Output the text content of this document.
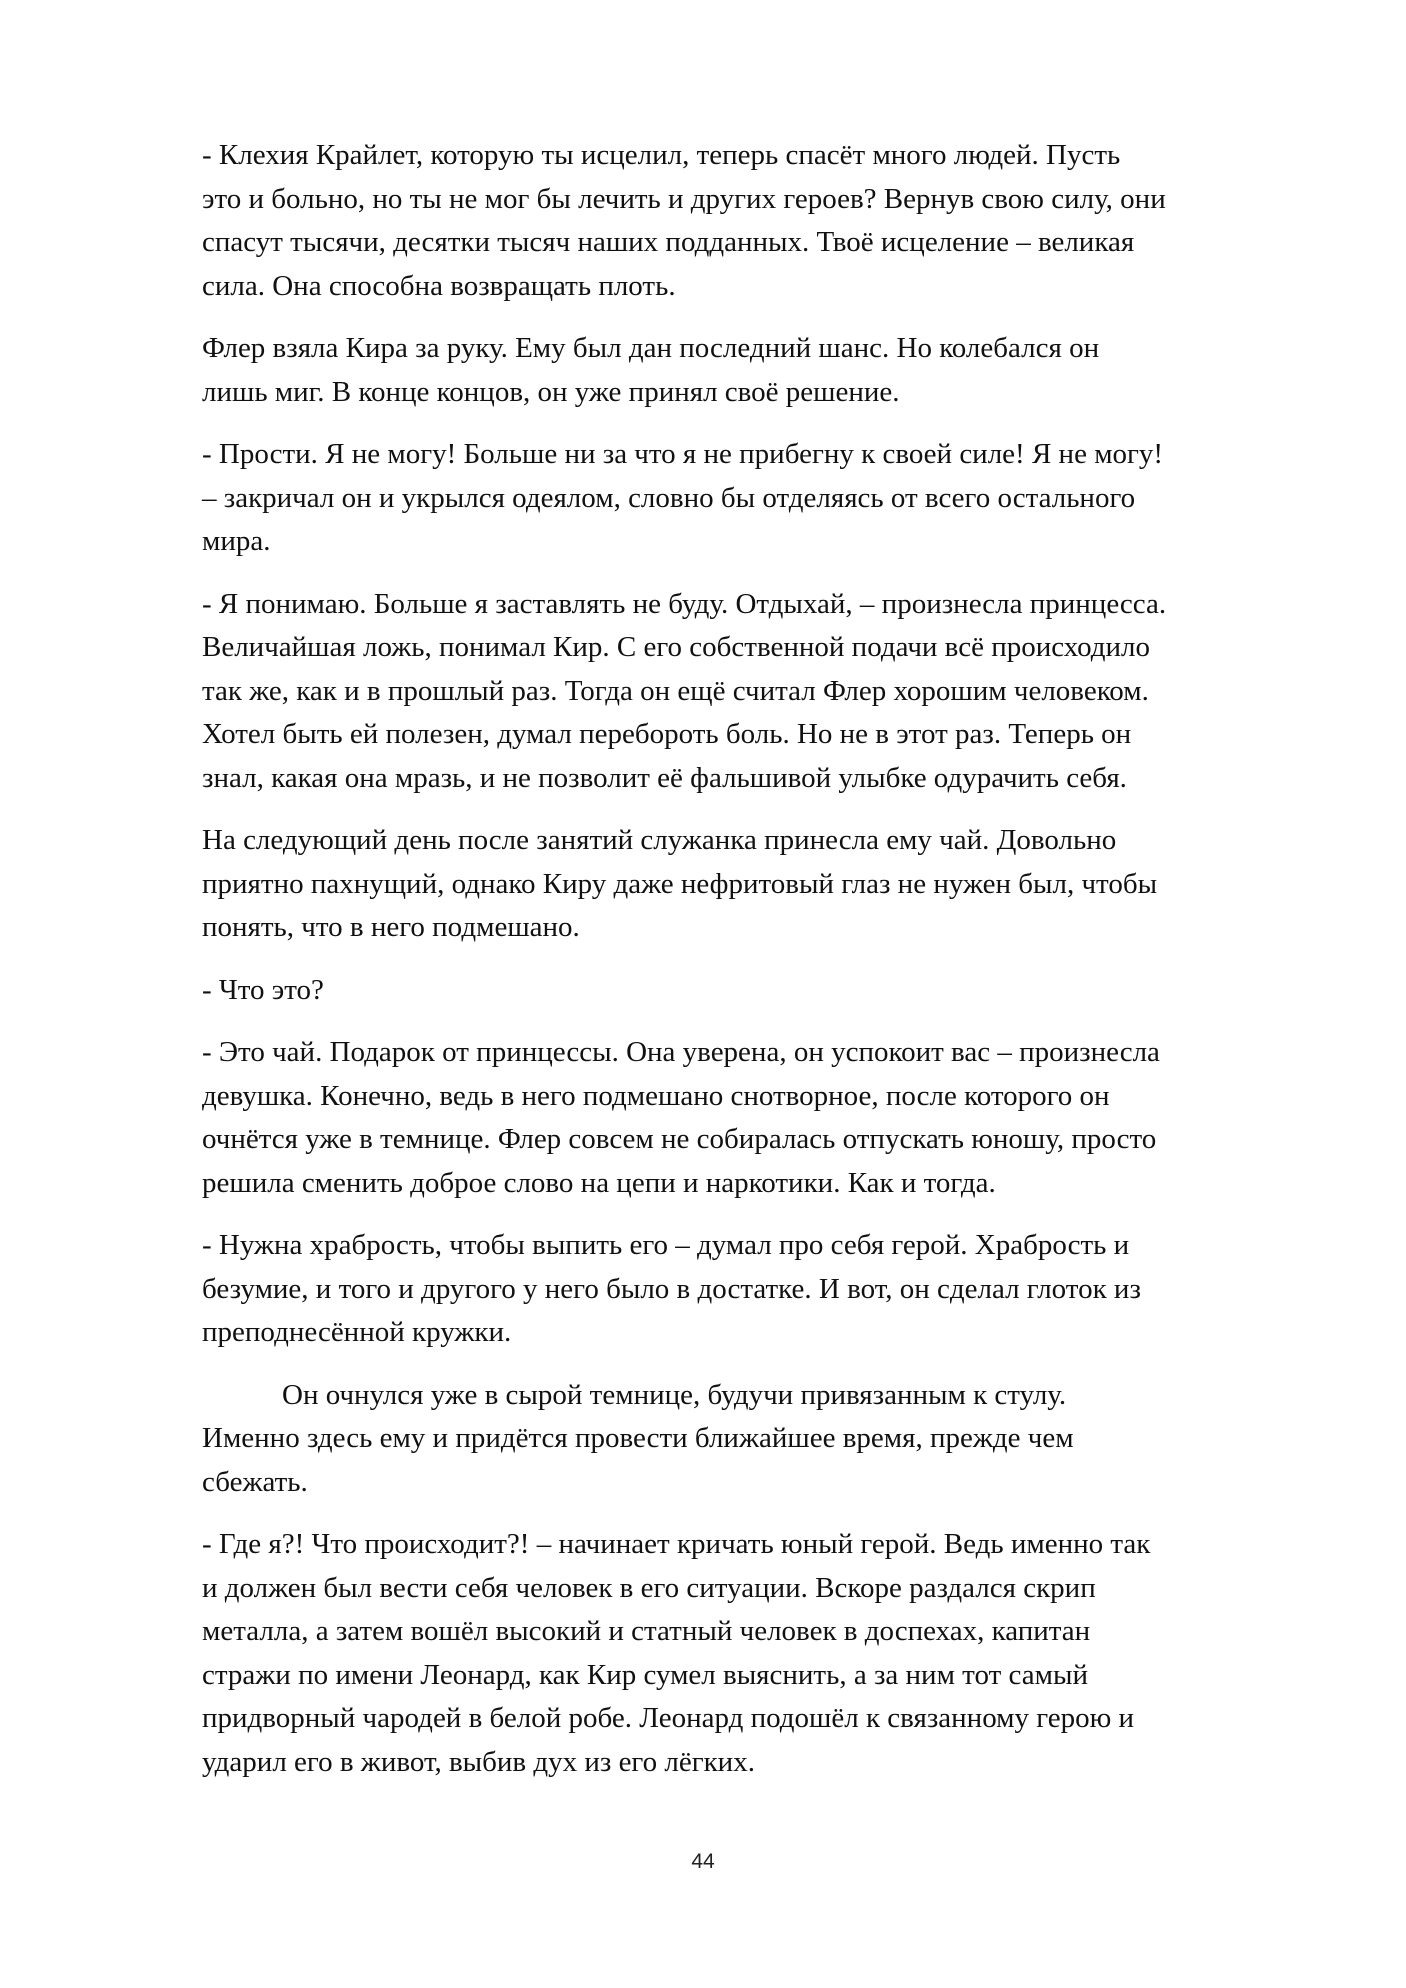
- Клехия Крайлет, которую ты исцелил, теперь спасёт много людей. Пусть
это и больно, но ты не мог бы лечить и других героев? Вернув свою силу, они
спасут тысячи, десятки тысяч наших подданных. Твоё исцеление – великая
сила. Она способна возвращать плоть.

Флер взяла Кира за руку. Ему был дан последний шанс. Но колебался он
лишь миг. В конце концов, он уже принял своё решение.

- Прости. Я не могу! Больше ни за что я не прибегну к своей силе! Я не могу!
– закричал он и укрылся одеялом, словно бы отделяясь от всего остального
мира.

- Я понимаю. Больше я заставлять не буду. Отдыхай, – произнесла принцесса.
Величайшая ложь, понимал Кир. С его собственной подачи всё происходило
так же, как и в прошлый раз. Тогда он ещё считал Флер хорошим человеком.
Хотел быть ей полезен, думал перебороть боль. Но не в этот раз. Теперь он
знал, какая она мразь, и не позволит её фальшивой улыбке одурачить себя.

На следующий день после занятий служанка принесла ему чай. Довольно
приятно пахнущий, однако Киру даже нефритовый глаз не нужен был, чтобы
понять, что в него подмешано.

- Что это?

- Это чай. Подарок от принцессы. Она уверена, он успокоит вас – произнесла
девушка. Конечно, ведь в него подмешано снотворное, после которого он
очнётся уже в темнице. Флер совсем не собиралась отпускать юношу, просто
решила сменить доброе слово на цепи и наркотики. Как и тогда.

- Нужна храбрость, чтобы выпить его – думал про себя герой. Храбрость и
безумие, и того и другого у него было в достатке. И вот, он сделал глоток из
преподнесённой кружки.

Он очнулся уже в сырой темнице, будучи привязанным к стулу.
Именно здесь ему и придётся провести ближайшее время, прежде чем
сбежать.

- Где я?! Что происходит?! – начинает кричать юный герой. Ведь именно так
и должен был вести себя человек в его ситуации. Вскоре раздался скрип
металла, а затем вошёл высокий и статный человек в доспехах, капитан
стражи по имени Леонард, как Кир сумел выяснить, а за ним тот самый
придворный чародей в белой робе. Леонард подошёл к связанному герою и
ударил его в живот, выбив дух из его лёгких.

44
